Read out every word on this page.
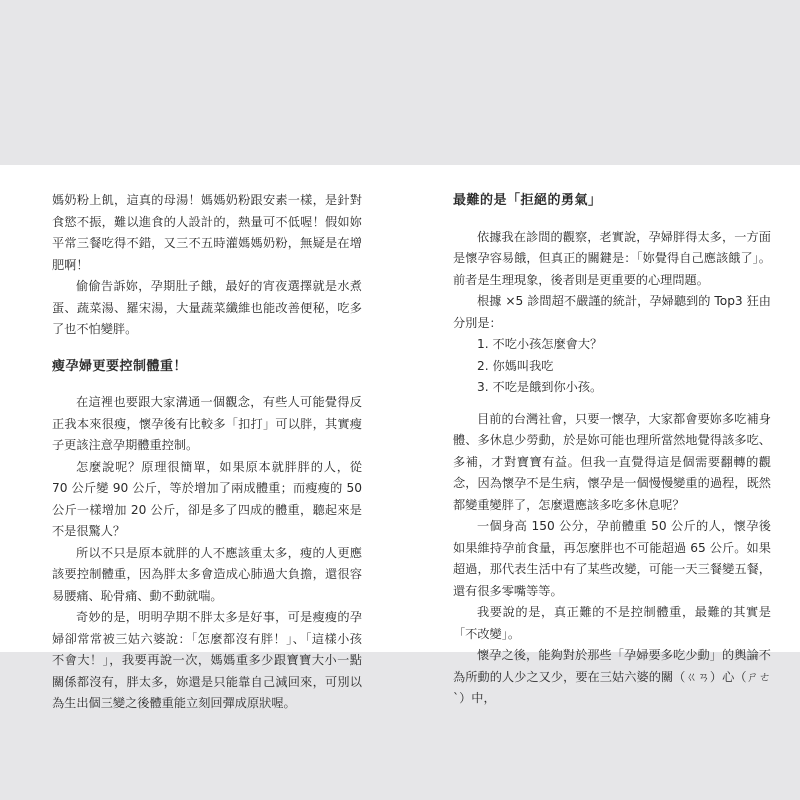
媽奶粉上飢，這真的母湯！媽媽奶粉跟安素一樣，是針對食慾不振，難以進食的人設計的，熱量可不低喔！假如妳平常三餐吃得不錯，又三不五時灌媽媽奶粉，無疑是在增肥啊！

偷偷告訴妳，孕期肚子餓，最好的宵夜選擇就是水煮蛋、蔬菜湯、羅宋湯，大量蔬菜纖維也能改善便秘，吃多了也不怕變胖。

瘦孕婦更要控制體重！

在這裡也要跟大家溝通一個觀念，有些人可能覺得反正我本來很瘦，懷孕後有比較多「扣打」可以胖，其實瘦子更該注意孕期體重控制。

怎麼說呢？原理很簡單，如果原本就胖胖的人，從 70 公斤變 90 公斤，等於增加了兩成體重；而瘦瘦的 50 公斤一樣增加 20 公斤，卻是多了四成的體重，聽起來是不是很驚人？

所以不只是原本就胖的人不應該重太多，瘦的人更應該要控制體重，因為胖太多會造成心肺過大負擔，還很容易腰痛、恥骨痛、動不動就喘。

奇妙的是，明明孕期不胖太多是好事，可是瘦瘦的孕婦卻常常被三姑六婆說：「怎麼都沒有胖！」、「這樣小孩不會大！」，我要再說一次，媽媽重多少跟寶寶大小一點關係都沒有，胖太多，妳還是只能靠自己減回來，可別以為生出個三變之後體重能立刻回彈成原狀喔。

最難的是「拒絕的勇氣」

依據我在診間的觀察，老實說，孕婦胖得太多，一方面是懷孕容易餓，但真正的關鍵是：「妳覺得自己應該餓了」。前者是生理現象，後者則是更重要的心理問題。

根據 ×5 診間超不嚴謹的統計，孕婦聽到的 Top3 狂由分別是：

1. 不吃小孩怎麼會大？

2. 你媽叫我吃

3. 不吃是餓到你小孩。

目前的台灣社會，只要一懷孕，大家都會要妳多吃補身體、多休息少勞動，於是妳可能也理所當然地覺得該多吃、多補，才對寶寶有益。但我一直覺得這是個需要翻轉的觀念，因為懷孕不是生病，懷孕是一個慢慢變重的過程，既然都變重變胖了，怎麼還應該多吃多休息呢？

一個身高 150 公分，孕前體重 50 公斤的人，懷孕後如果維持孕前食量，再怎麼胖也不可能超過 65 公斤。如果超過，那代表生活中有了某些改變，可能一天三餐變五餐，還有很多零嘴等等。

我要說的是，真正難的不是控制體重，最難的其實是「不改變」。

懷孕之後，能夠對於那些「孕婦要多吃少動」的輿論不為所動的人少之又少，要在三姑六婆的關（ㄍㄢ）心（ㄕㄜˋ）中，
